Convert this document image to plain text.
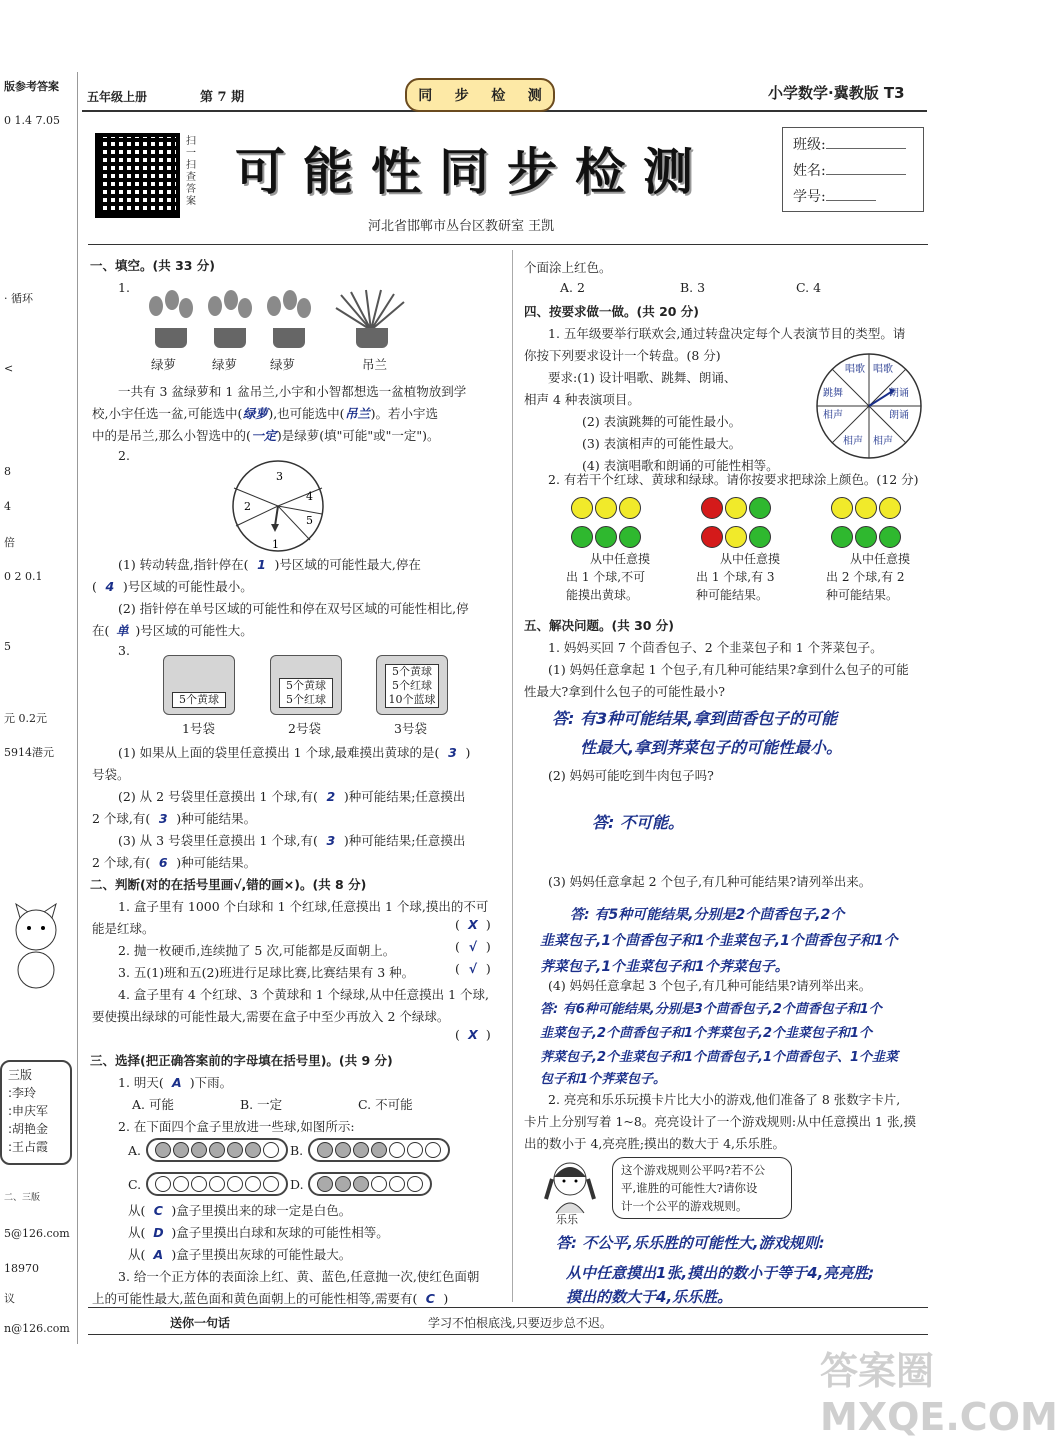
版参考答案
0 1.4 7.05
· 循环
<
8
4
倍
0 2 0.1
5
元 0.2元
5914港元
三版
:李玲
:申庆军
:胡艳金
:王占霞
二、三版
5@126.com
18970
议
n@126.com
五年级上册	第 7 期	小学数学·冀教版 T3
同 步 检 测
扫一扫 查答案
可能性同步检测
河北省邯郸市丛台区教研室 王凯
班级:
姓名:
学号:
一、填空。(共 33 分)
1.
绿萝	绿萝	绿萝	吊兰
一共有 3 盆绿萝和 1 盆吊兰,小宇和小智都想选一盆植物放到学
校,小宇任选一盆,可能选中(绿萝),也可能选中(吊兰)。若小宇选
中的是吊兰,那么小智选中的(一定)是绿萝(填"可能"或"一定")。
2.
3
2
4
5
1
(1) 转动转盘,指针停在( 1 )号区域的可能性最大,停在
( 4 )号区域的可能性最小。
(2) 指针停在单号区域的可能性和停在双号区域的可能性相比,停
在( 单 )号区域的可能性大。
3.
5个黄球
5个黄球
5个红球
5个黄球
5个红球
10个蓝球
1号袋	2号袋	3号袋
(1) 如果从上面的袋里任意摸出 1 个球,最难摸出黄球的是( 3 )
号袋。
(2) 从 2 号袋里任意摸出 1 个球,有( 2 )种可能结果;任意摸出
2 个球,有( 3 )种可能结果。
(3) 从 3 号袋里任意摸出 1 个球,有( 3 )种可能结果;任意摸出
2 个球,有( 6 )种可能结果。
二、判断(对的在括号里画√,错的画×)。(共 8 分)
1. 盒子里有 1000 个白球和 1 个红球,任意摸出 1 个球,摸出的不可
能是红球。	( X )
2. 抛一枚硬币,连续抛了 5 次,可能都是反面朝上。	( √ )
3. 五(1)班和五(2)班进行足球比赛,比赛结果有 3 种。	( √ )
4. 盒子里有 4 个红球、3 个黄球和 1 个绿球,从中任意摸出 1 个球,
要使摸出绿球的可能性最大,需要在盒子中至少再放入 2 个绿球。
( X )
三、选择(把正确答案前的字母填在括号里)。(共 9 分)
1. 明天( A )下雨。
A. 可能	B. 一定	C. 不可能
2. 在下面四个盒子里放进一些球,如图所示:
A.	B.
C.	D.
从( C )盒子里摸出来的球一定是白色。
从( D )盒子里摸出白球和灰球的可能性相等。
从( A )盒子里摸出灰球的可能性最大。
3. 给一个正方体的表面涂上红、黄、蓝色,任意抛一次,使红色面朝
上的可能性最大,蓝色面和黄色面朝上的可能性相等,需要有( C )
个面涂上红色。
A. 2	B. 3	C. 4
四、按要求做一做。(共 20 分)
1. 五年级要举行联欢会,通过转盘决定每个人表演节目的类型。请
你按下列要求设计一个转盘。(8 分)
要求:(1) 设计唱歌、跳舞、朗诵、
相声 4 种表演项目。
(2) 表演跳舞的可能性最小。
(3) 表演相声的可能性最大。
(4) 表演唱歌和朗诵的可能性相等。
唱歌 唱歌
朗诵
朗诵
相声
相声
相声
跳舞
2. 有若干个红球、黄球和绿球。请你按要求把球涂上颜色。(12 分)

从中任意摸
出 1 个球,不可
能摸出黄球。
从中任意摸
出 1 个球,有 3
种可能结果。
从中任意摸
出 2 个球,有 2
种可能结果。
五、解决问题。(共 30 分)
1. 妈妈买回 7 个茴香包子、2 个韭菜包子和 1 个荠菜包子。
(1) 妈妈任意拿起 1 个包子,有几种可能结果?拿到什么包子的可能
性最大?拿到什么包子的可能性最小?
答: 有3种可能结果,拿到茴香包子的可能
性最大,拿到荠菜包子的可能性最小。
(2) 妈妈可能吃到牛肉包子吗?
答: 不可能。
(3) 妈妈任意拿起 2 个包子,有几种可能结果?请列举出来。
答: 有5种可能结果,分别是2个茴香包子,2个
韭菜包子,1个茴香包子和1个韭菜包子,1个茴香包子和1个
荠菜包子,1个韭菜包子和1个荠菜包子。
(4) 妈妈任意拿起 3 个包子,有几种可能结果?请列举出来。
答: 有6种可能结果,分别是3个茴香包子,2个茴香包子和1个
韭菜包子,2个茴香包子和1个荠菜包子,2个韭菜包子和1个
荠菜包子,2个韭菜包子和1个茴香包子,1个茴香包子、1个韭菜
包子和1个荠菜包子。
2. 亮亮和乐乐玩摸卡片比大小的游戏,他们准备了 8 张数字卡片,
卡片上分别写着 1~8。亮亮设计了一个游戏规则:从中任意摸出 1 张,摸
出的数小于 4,亮亮胜;摸出的数大于 4,乐乐胜。
乐乐
这个游戏规则公平吗?若不公
平,谁胜的可能性大?请你设
计一个公平的游戏规则。
答: 不公平,乐乐胜的可能性大,游戏规则:
从中任意摸出1张,摸出的数小于等于4,亮亮胜;
摸出的数大于4,乐乐胜。
送你一句话	学习不怕根底浅,只要迈步总不迟。
答案圈 MXQE.COM
